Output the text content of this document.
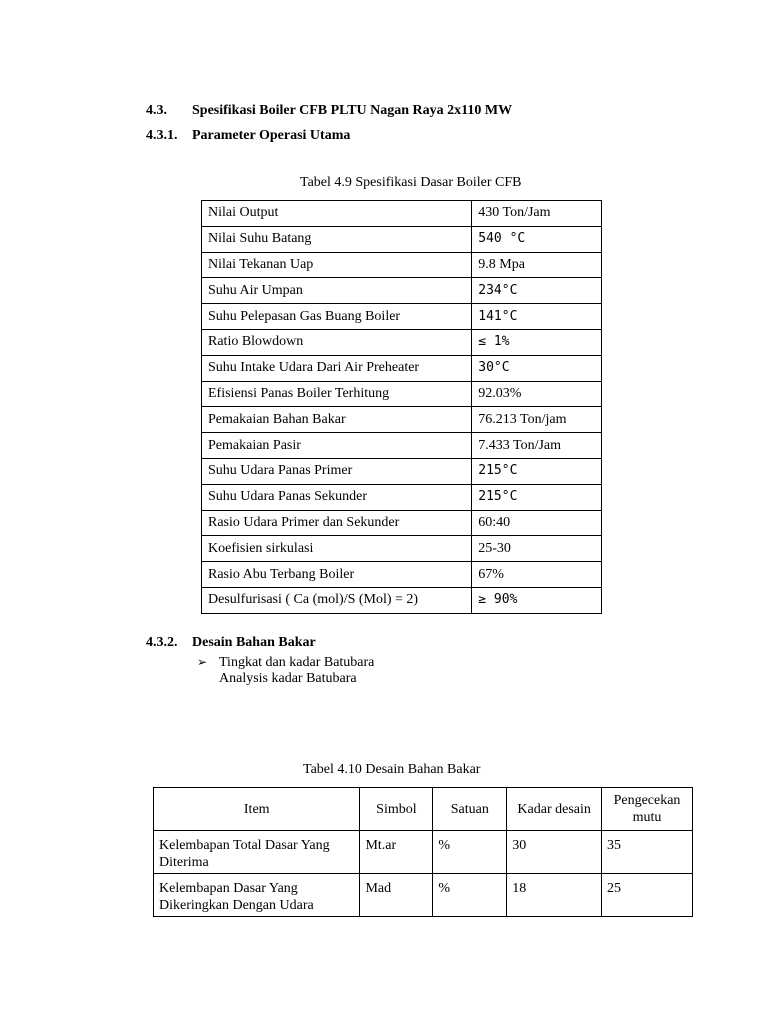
4.3. Spesifikasi Boiler CFB PLTU Nagan Raya 2x110 MW
4.3.1. Parameter Operasi Utama
Tabel 4.9 Spesifikasi Dasar Boiler CFB
Nilai Output	430 Ton/Jam
Nilai Suhu Batang	540 °C
Nilai Tekanan Uap	9.8 Mpa
Suhu Air Umpan	234°C
Suhu Pelepasan Gas Buang Boiler	141°C
Ratio Blowdown	≤ 1%
Suhu Intake Udara Dari Air Preheater	30°C
Efisiensi Panas Boiler Terhitung	92.03%
Pemakaian Bahan Bakar	76.213 Ton/jam
Pemakaian Pasir	7.433 Ton/Jam
Suhu Udara Panas Primer	215°C
Suhu Udara Panas Sekunder	215°C
Rasio Udara Primer dan Sekunder	60:40
Koefisien sirkulasi	25-30
Rasio Abu Terbang Boiler	67%
Desulfurisasi ( Ca (mol)/S (Mol) = 2)	≥ 90%
4.3.2. Desain Bahan Bakar
➢ Tingkat dan kadar Batubara
Analysis kadar Batubara
Tabel 4.10 Desain Bahan Bakar
Item	Simbol	Satuan	Kadar desain	Pengecekan mutu
Kelembapan Total Dasar Yang Diterima	Mt.ar	%	30	35
Kelembapan Dasar Yang Dikeringkan Dengan Udara	Mad	%	18	25
